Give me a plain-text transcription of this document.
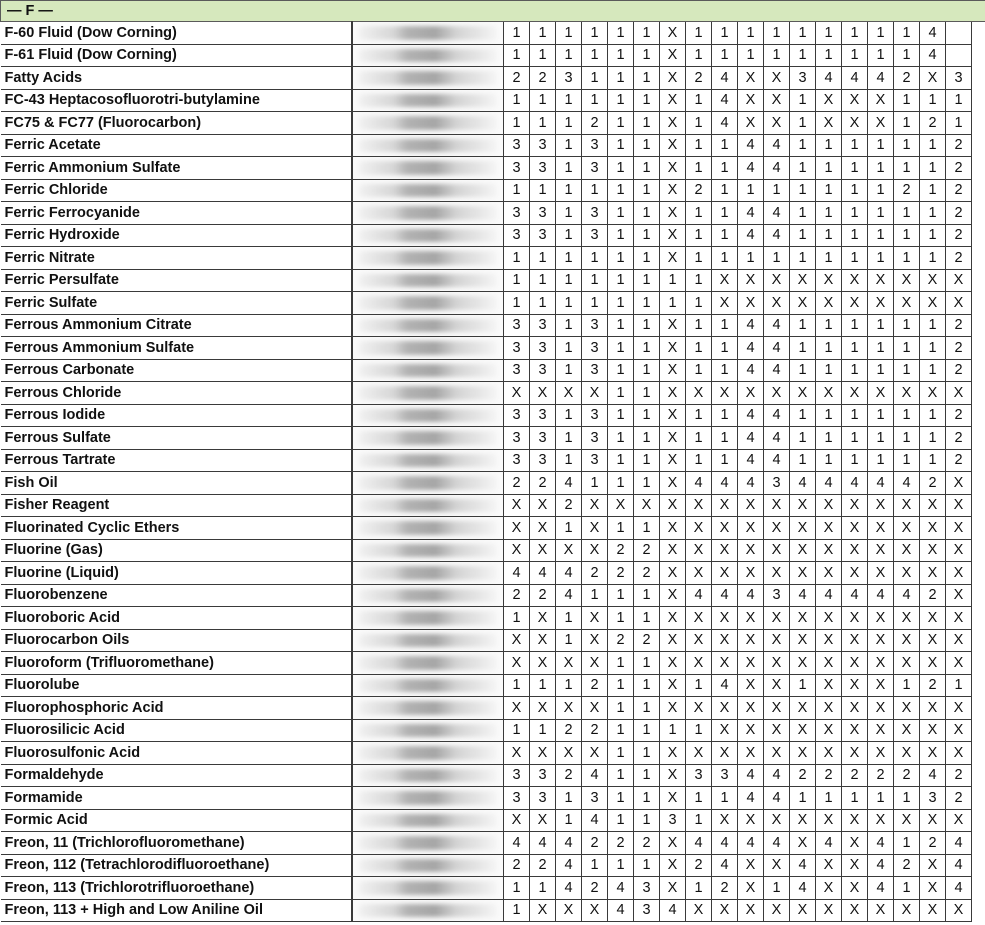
— F —																			
F-60 Fluid (Dow Corning)		1	1	1	1	1	1	X	1	1	1	1	1	1	1	1	1	4	
F-61 Fluid (Dow Corning)		1	1	1	1	1	1	X	1	1	1	1	1	1	1	1	1	4	
Fatty Acids		2	2	3	1	1	1	X	2	4	X	X	3	4	4	4	2	X	3
FC-43 Heptacosofluorotri-butylamine		1	1	1	1	1	1	X	1	4	X	X	1	X	X	X	1	1	1
FC75 & FC77 (Fluorocarbon)		1	1	1	2	1	1	X	1	4	X	X	1	X	X	X	1	2	1
Ferric Acetate		3	3	1	3	1	1	X	1	1	4	4	1	1	1	1	1	1	2
Ferric Ammonium Sulfate		3	3	1	3	1	1	X	1	1	4	4	1	1	1	1	1	1	2
Ferric Chloride		1	1	1	1	1	1	X	2	1	1	1	1	1	1	1	2	1	2
Ferric Ferrocyanide		3	3	1	3	1	1	X	1	1	4	4	1	1	1	1	1	1	2
Ferric Hydroxide		3	3	1	3	1	1	X	1	1	4	4	1	1	1	1	1	1	2
Ferric Nitrate		1	1	1	1	1	1	X	1	1	1	1	1	1	1	1	1	1	2
Ferric Persulfate		1	1	1	1	1	1	1	1	X	X	X	X	X	X	X	X	X	X
Ferric Sulfate		1	1	1	1	1	1	1	1	X	X	X	X	X	X	X	X	X	X
Ferrous Ammonium Citrate		3	3	1	3	1	1	X	1	1	4	4	1	1	1	1	1	1	2
Ferrous Ammonium Sulfate		3	3	1	3	1	1	X	1	1	4	4	1	1	1	1	1	1	2
Ferrous Carbonate		3	3	1	3	1	1	X	1	1	4	4	1	1	1	1	1	1	2
Ferrous Chloride		X	X	X	X	1	1	X	X	X	X	X	X	X	X	X	X	X	X
Ferrous Iodide		3	3	1	3	1	1	X	1	1	4	4	1	1	1	1	1	1	2
Ferrous Sulfate		3	3	1	3	1	1	X	1	1	4	4	1	1	1	1	1	1	2
Ferrous Tartrate		3	3	1	3	1	1	X	1	1	4	4	1	1	1	1	1	1	2
Fish Oil		2	2	4	1	1	1	X	4	4	4	3	4	4	4	4	4	2	X
Fisher Reagent		X	X	2	X	X	X	X	X	X	X	X	X	X	X	X	X	X	X
Fluorinated Cyclic Ethers		X	X	1	X	1	1	X	X	X	X	X	X	X	X	X	X	X	X
Fluorine (Gas)		X	X	X	X	2	2	X	X	X	X	X	X	X	X	X	X	X	X
Fluorine (Liquid)		4	4	4	2	2	2	X	X	X	X	X	X	X	X	X	X	X	X
Fluorobenzene		2	2	4	1	1	1	X	4	4	4	3	4	4	4	4	4	2	X
Fluoroboric Acid		1	X	1	X	1	1	X	X	X	X	X	X	X	X	X	X	X	X
Fluorocarbon Oils		X	X	1	X	2	2	X	X	X	X	X	X	X	X	X	X	X	X
Fluoroform (Trifluoromethane)		X	X	X	X	1	1	X	X	X	X	X	X	X	X	X	X	X	X
Fluorolube		1	1	1	2	1	1	X	1	4	X	X	1	X	X	X	1	2	1
Fluorophosphoric Acid		X	X	X	X	1	1	X	X	X	X	X	X	X	X	X	X	X	X
Fluorosilicic Acid		1	1	2	2	1	1	1	1	X	X	X	X	X	X	X	X	X	X
Fluorosulfonic Acid		X	X	X	X	1	1	X	X	X	X	X	X	X	X	X	X	X	X
Formaldehyde		3	3	2	4	1	1	X	3	3	4	4	2	2	2	2	2	4	2
Formamide		3	3	1	3	1	1	X	1	1	4	4	1	1	1	1	1	3	2
Formic Acid		X	X	1	4	1	1	3	1	X	X	X	X	X	X	X	X	X	X
Freon, 11 (Trichlorofluoromethane)		4	4	4	2	2	2	X	4	4	4	4	X	4	X	4	1	2	4
Freon, 112 (Tetrachlorodifluoroethane)		2	2	4	1	1	1	X	2	4	X	X	4	X	X	4	2	X	4
Freon, 113 (Trichlorotrifluoroethane)		1	1	4	2	4	3	X	1	2	X	1	4	X	X	4	1	X	4
Freon, 113 + High and Low Aniline Oil		1	X	X	X	4	3	4	X	X	X	X	X	X	X	X	X	X	X
